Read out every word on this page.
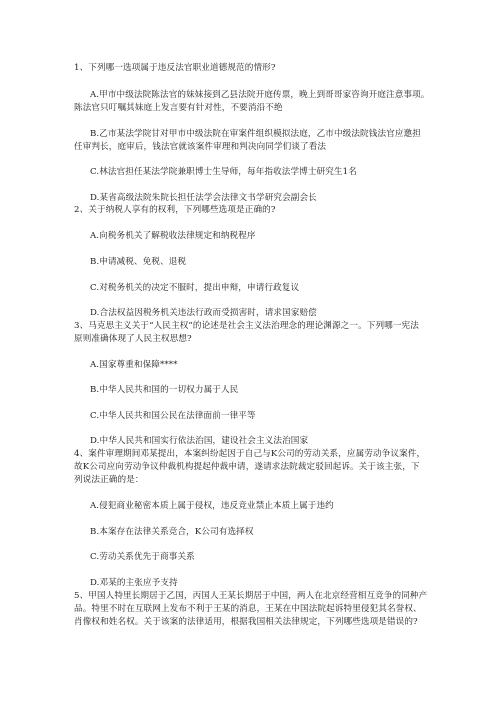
1、下列哪一选项属于违反法官职业道德规范的情形?
A.甲市中级法院陈法官的妹妹接到乙县法院开庭传票，晚上到哥哥家咨询开庭注意事项。
陈法官只叮嘱其妹庭上发言要有针对性，不要消沿不绝
B.乙市某法学院甘对甲市中级法院在审案件组织模拟法庭，乙市中级法院钱法官应邀担
任审判长，庭审后，钱法官就该案件审理和判决向同学们谈了看法
C.林法官担任某法学院兼职博士生导师，每年指收法学博士研究生1名
D.某省高级法院朱院长担任法学会法律文书学研究会副会长
2、关于纳税人享有的权利，下列哪些选项是正确的?
A.向税务机关了解税收法律规定和纳税程序
B.申请减税、免税、退税
C.对税务机关的决定不服时，提出申辩，申请行政复议
D.合法权益因税务机关违法行政而受损害时，请求国家赔偿
3、马克思主义关于“人民主权”的论述是社会主义法治理念的理论渊源之一。下列哪一宪法
原则准确体现了人民主权思想?
A.国家尊重和保障****
B.中华人民共和国的一切权力属于人民
C.中华人民共和国公民在法律面前一律平等
D.中华人民共和国实行依法治国，建设社会主义法治国家
4、案件审理期间邓某提出，本案纠纷起因于自己与K公司的劳动关系，应属劳动争议案件，
故K公司应向劳动争议仲裁机构提起仲裁申请，遂请求法院裁定驳回起诉。关于该主张，下
列说法正确的是：
A.侵犯商业秘密本质上属于侵权，违反竞业禁止本质上属于违约
B.本案存在法律关系竞合，K公司有选择权
C.劳动关系优先于商事关系
D.邓某的主张应予支持
5、甲国人特里长期居于乙国，丙国人王某长期居于中国，两人在北京经营相互竞争的同种产
品。特里不时在互联网上发布不利于王某的消息，王某在中国法院起诉特里侵犯其名誉权、
肖像权和姓名权。关于该案的法律适用，根据我国相关法律规定，下列哪些选项是错误的?
